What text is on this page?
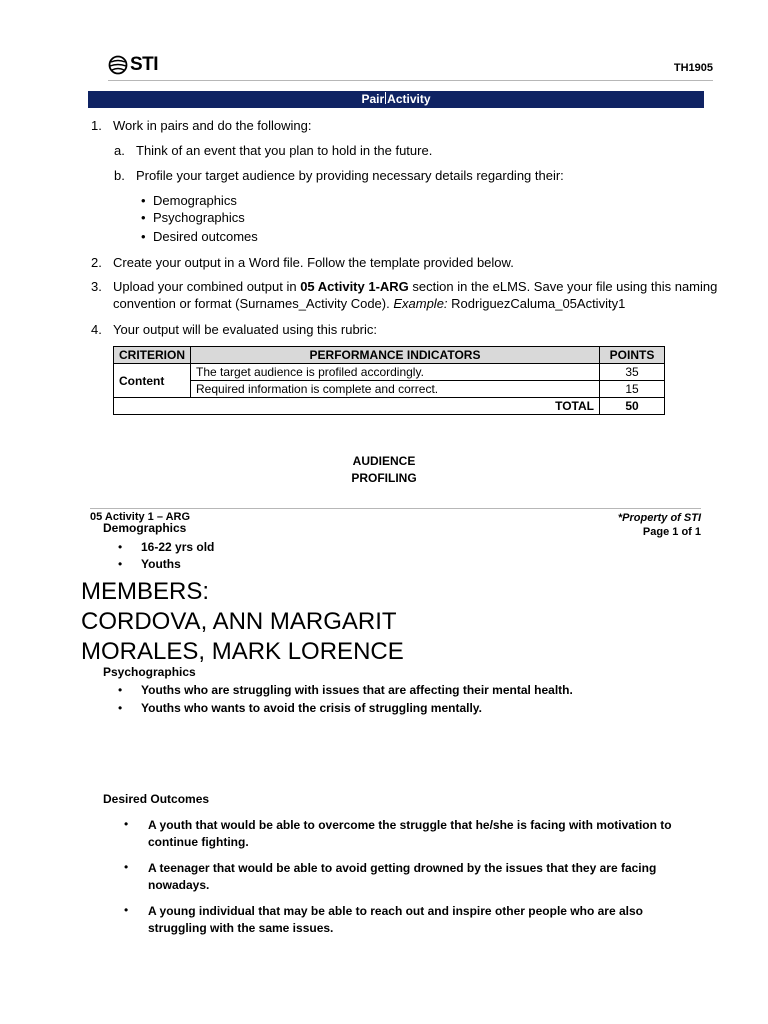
STI	TH1905
Pair Activity
1. Work in pairs and do the following:
a. Think of an event that you plan to hold in the future.
b. Profile your target audience by providing necessary details regarding their:
• Demographics
• Psychographics
• Desired outcomes
2. Create your output in a Word file. Follow the template provided below.
3. Upload your combined output in 05 Activity 1-ARG section in the eLMS. Save your file using this naming
convention or format (Surnames_Activity Code). Example: RodriguezCaluma_05Activity1
4. Your output will be evaluated using this rubric:
CRITERION	PERFORMANCE INDICATORS	POINTS
Content	The target audience is profiled accordingly.	35
	Required information is complete and correct.	15
TOTAL		50
AUDIENCE
PROFILING
05 Activity 1 – ARG	*Property of STI
Page 1 of 1
Demographics
• 16-22 yrs old
• Youths
MEMBERS:
CORDOVA, ANN MARGARIT
MORALES, MARK LORENCE
Psychographics
• Youths who are struggling with issues that are affecting their mental health.
• Youths who wants to avoid the crisis of struggling mentally.
Desired Outcomes
• A youth that would be able to overcome the struggle that he/she is facing with motivation to continue fighting.
• A teenager that would be able to avoid getting drowned by the issues that they are facing nowadays.
• A young individual that may be able to reach out and inspire other people who are also struggling with the same issues.
